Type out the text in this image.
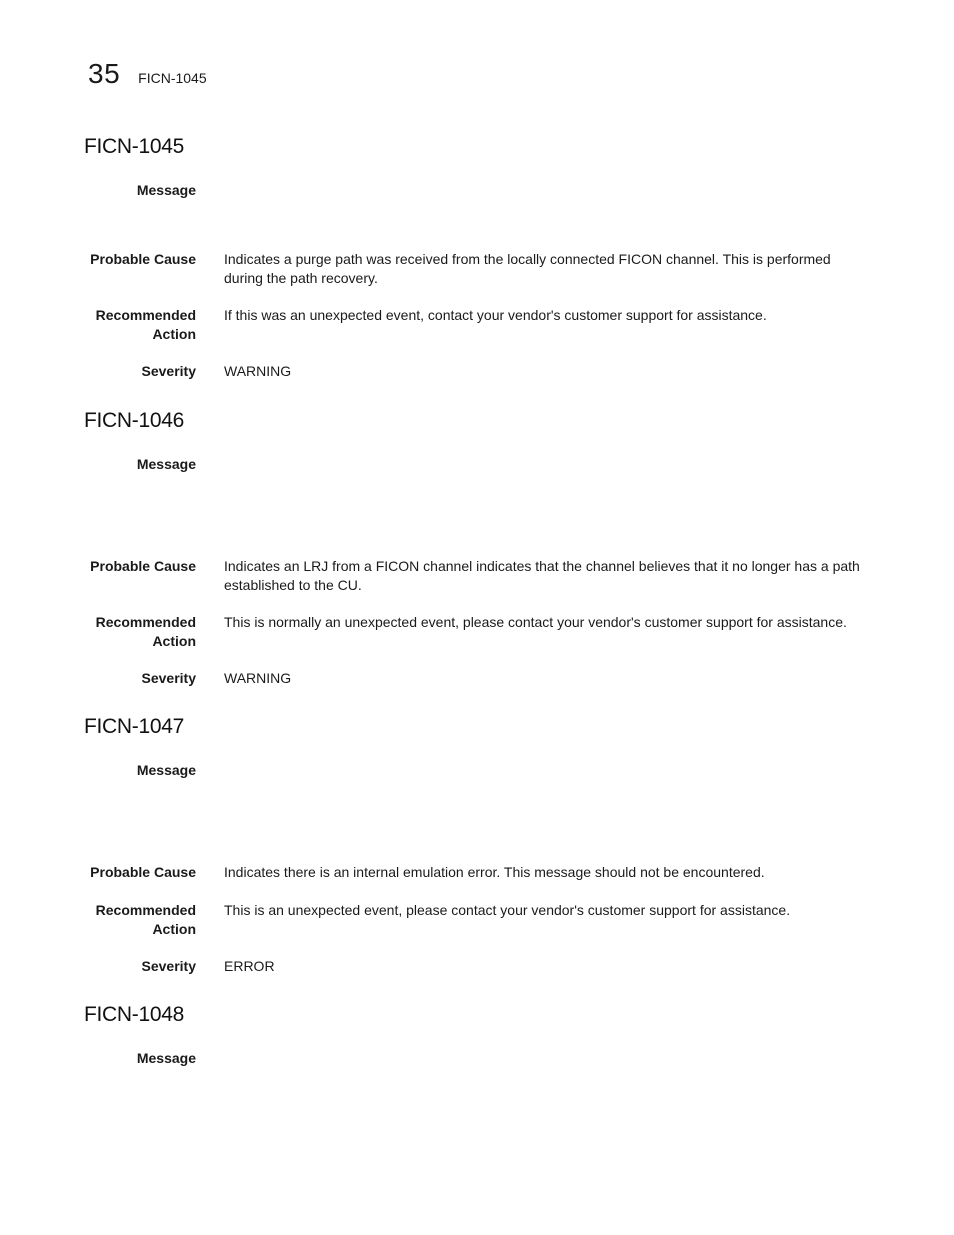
35 FICN-1045
FICN-1045
Message
Probable Cause Indicates a purge path was received from the locally connected FICON channel. This is performed during the path recovery.
Recommended
Action
If this was an unexpected event, contact your vendor's customer support for assistance.
Severity WARNING
FICN-1046
Message
Probable Cause Indicates an LRJ from a FICON channel indicates that the channel believes that it no longer has a path established to the CU.
Recommended
Action
This is normally an unexpected event, please contact your vendor's customer support for assistance.
Severity WARNING
FICN-1047
Message
Probable Cause Indicates there is an internal emulation error. This message should not be encountered.
Recommended
Action
This is an unexpected event, please contact your vendor's customer support for assistance.
Severity ERROR
FICN-1048
Message
